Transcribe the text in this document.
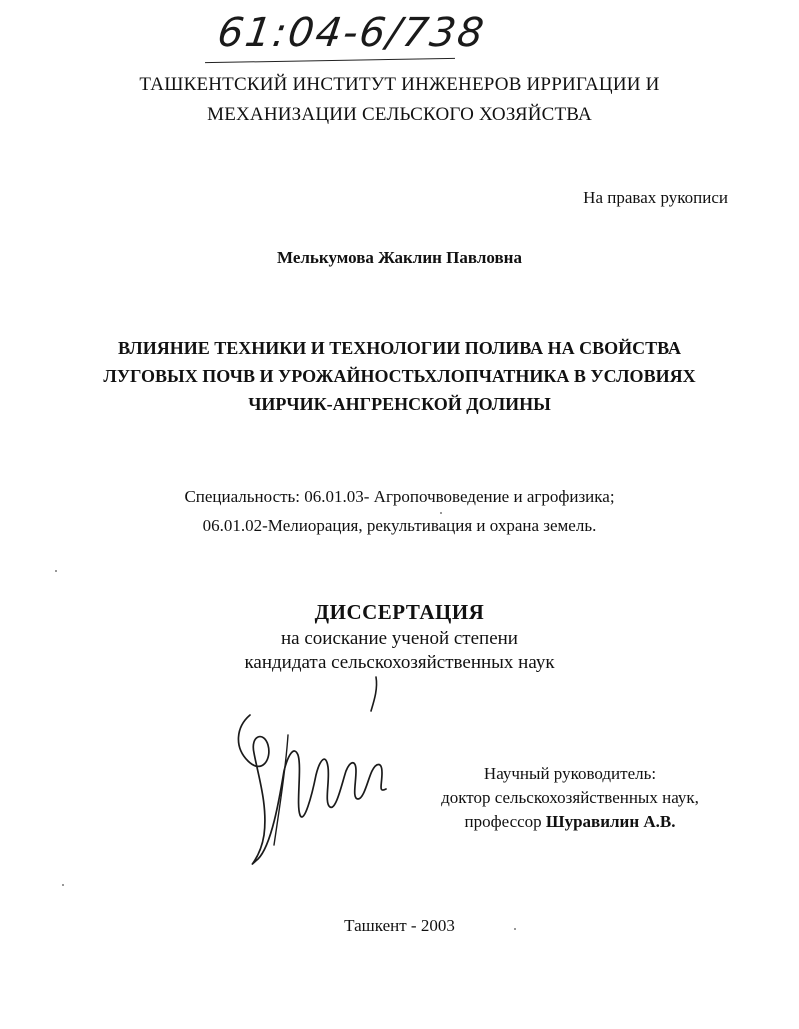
61:04-6/738
ТАШКЕНТСКИЙ ИНСТИТУТ ИНЖЕНЕРОВ ИРРИГАЦИИ И
МЕХАНИЗАЦИИ СЕЛЬСКОГО ХОЗЯЙСТВА
На правах рукописи
Мелькумова Жаклин Павловна
ВЛИЯНИЕ ТЕХНИКИ И ТЕХНОЛОГИИ ПОЛИВА НА СВОЙСТВА
ЛУГОВЫХ ПОЧВ И УРОЖАЙНОСТЬХЛОПЧАТНИКА В УСЛОВИЯХ
ЧИРЧИК-АНГРЕНСКОЙ ДОЛИНЫ
Специальность: 06.01.03- Агропочвоведение и агрофизика;
06.01.02-Мелиорация, рекультивация и охрана земель.
ДИССЕРТАЦИЯ
на соискание ученой степени
кандидата сельскохозяйственных наук
Научный руководитель:
доктор сельскохозяйственных наук,
профессор Шуравилин А.В.
Ташкент - 2003
